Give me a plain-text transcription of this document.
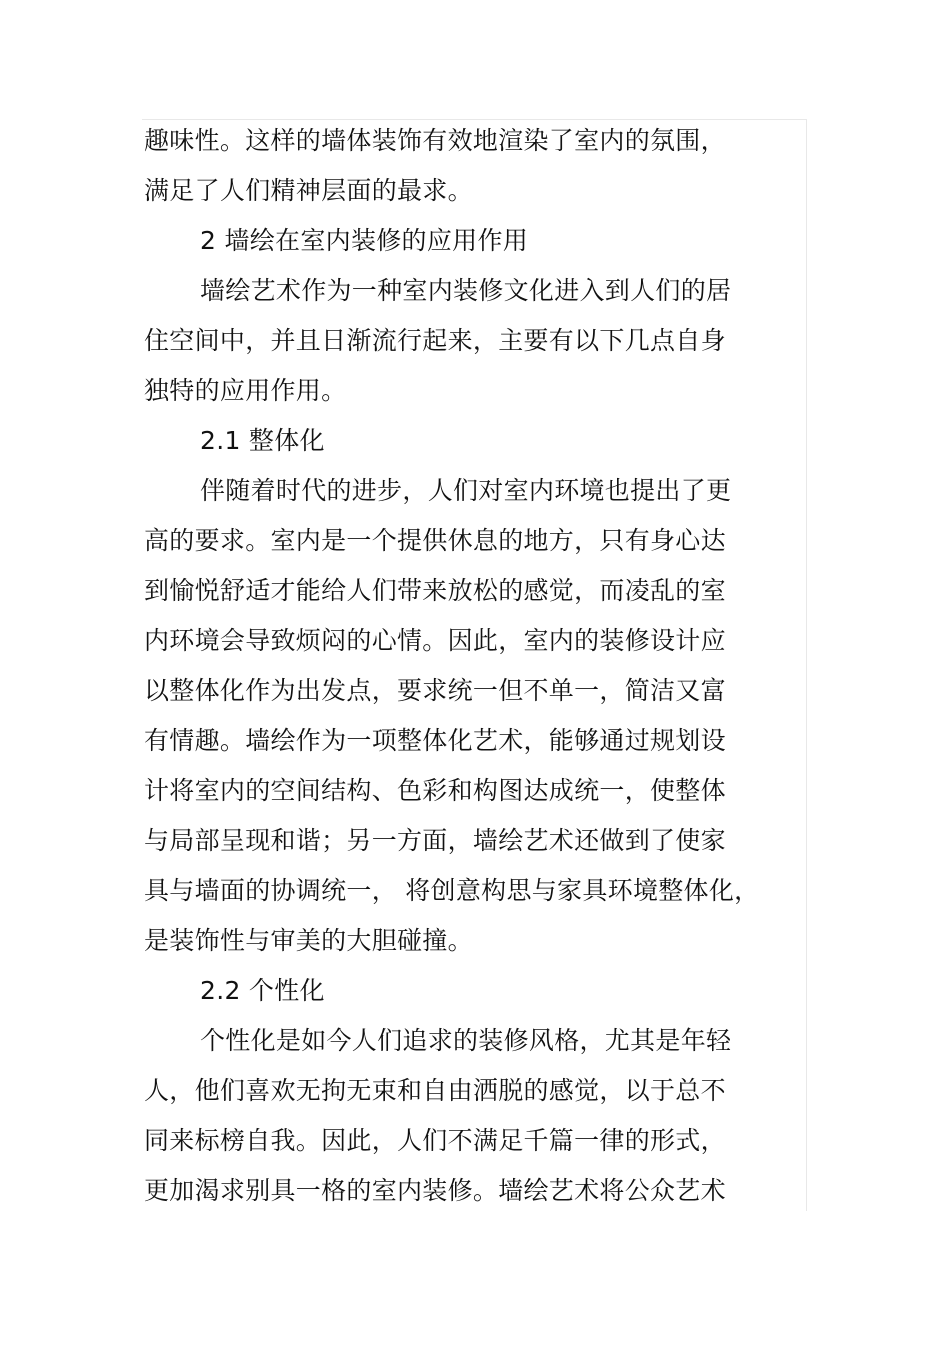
趣味性。这样的墙体装饰有效地渲染了室内的氛围，
满足了人们精神层面的最求。
2 墙绘在室内装修的应用作用
墙绘艺术作为一种室内装修文化进入到人们的居
住空间中，并且日渐流行起来，主要有以下几点自身
独特的应用作用。
2.1 整体化
伴随着时代的进步，人们对室内环境也提出了更
高的要求。室内是一个提供休息的地方，只有身心达
到愉悦舒适才能给人们带来放松的感觉，而凌乱的室
内环境会导致烦闷的心情。因此，室内的装修设计应
以整体化作为出发点，要求统一但不单一，简洁又富
有情趣。墙绘作为一项整体化艺术，能够通过规划设
计将室内的空间结构、色彩和构图达成统一，使整体
与局部呈现和谐；另一方面，墙绘艺术还做到了使家
具与墙面的协调统一， 将创意构思与家具环境整体化，
是装饰性与审美的大胆碰撞。
2.2 个性化
个性化是如今人们追求的装修风格，尤其是年轻
人，他们喜欢无拘无束和自由洒脱的感觉，以于总不
同来标榜自我。因此，人们不满足千篇一律的形式，
更加渴求别具一格的室内装修。墙绘艺术将公众艺术
